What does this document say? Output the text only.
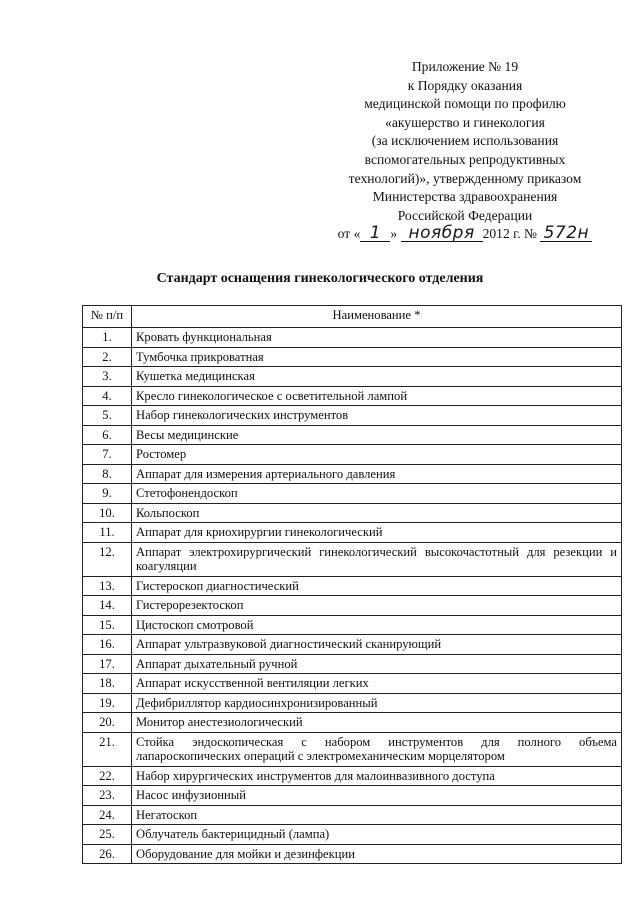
Приложение № 19
к Порядку оказания
медицинской помощи по профилю
«акушерство и гинекология
(за исключением использования
вспомогательных репродуктивных
технологий)», утвержденному приказом
Министерства здравоохранения
Российской Федерации
от « 1 » ноября 2012 г. № 572н
Стандарт оснащения гинекологического отделения
№ п/п	Наименование *
1.	Кровать функциональная
2.	Тумбочка прикроватная
3.	Кушетка медицинская
4.	Кресло гинекологическое с осветительной лампой
5.	Набор гинекологических инструментов
6.	Весы медицинские
7.	Ростомер
8.	Аппарат для измерения артериального давления
9.	Стетофонендоскоп
10.	Кольпоскоп
11.	Аппарат для криохирургии гинекологический
12.	Аппарат электрохирургический гинекологический высокочастотный для резекции и коагуляции
13.	Гистероскоп диагностический
14.	Гистерорезектоскоп
15.	Цистоскоп смотровой
16.	Аппарат ультразвуковой диагностический сканирующий
17.	Аппарат дыхательный ручной
18.	Аппарат искусственной вентиляции легких
19.	Дефибриллятор кардиосинхронизированный
20.	Монитор анестезиологический
21.	Стойка эндоскопическая с набором инструментов для полного объема лапароскопических операций с электромеханическим морцелятором
22.	Набор хирургических инструментов для малоинвазивного доступа
23.	Насос инфузионный
24.	Негатоскоп
25.	Облучатель бактерицидный (лампа)
26.	Оборудование для мойки и дезинфекции
